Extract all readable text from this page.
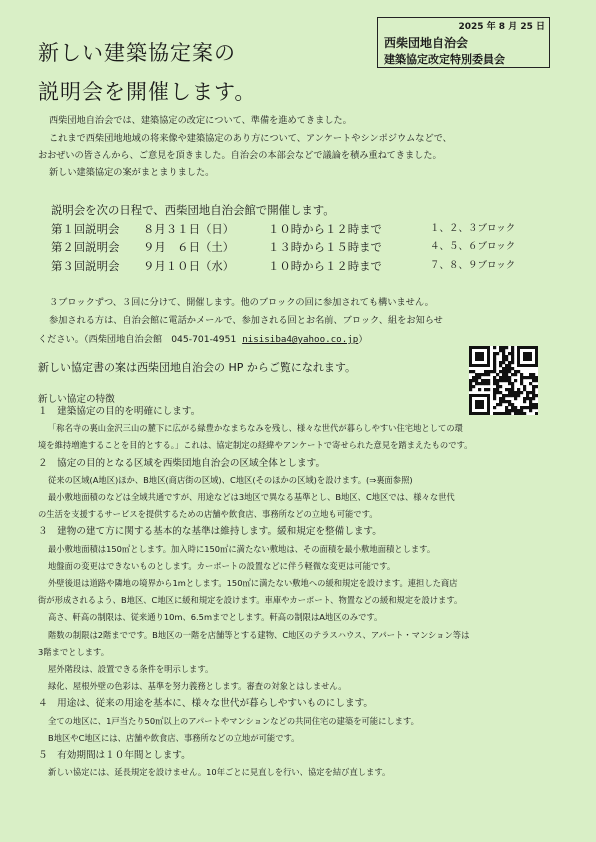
2025 年 8 月 25 日
西柴団地自治会
建築協定改定特別委員会
新しい建築協定案の
説明会を開催します。
西柴団地自治会では、建築協定の改定について、準備を進めてきました。
これまで西柴団地地域の将来像や建築協定のあり方について、アンケートやシンポジウムなどで、
おおぜいの皆さんから、ご意見を頂きました。自治会の本部会などで議論を積み重ねてきました。
新しい建築協定の案がまとまりました。
説明会を次の日程で、西柴団地自治会館で開催します。
第１回説明会 ８月３１日（日）	１０時から１２時まで	１、２、３ブロック
第２回説明会 ９月　６日（土）	１３時から１５時まで	４、５、６ブロック
第３回説明会 ９月１０日（水）	１０時から１２時まで	７、８、９ブロック
３ブロックずつ、３回に分けて、開催します。他のブロックの回に参加されても構いません。
参加される方は、自治会館に電話かメールで、参加される回とお名前、ブロック、組をお知らせ
ください。（西柴団地自治会館　045-701-4951 nisisiba4@yahoo.co.jp）
新しい協定書の案は西柴団地自治会の HP からご覧になれます。
新しい協定の特徴
１　建築協定の目的を明確にします。
「称名寺の裏山金沢三山の麓下に広がる緑豊かなまちなみを残し、様々な世代が暮らしやすい住宅地としての環
境を維持増進することを目的とする。」これは、協定制定の経緯やアンケートで寄せられた意見を踏まえたものです。
２　協定の目的となる区域を西柴団地自治会の区域全体とします。
従来の区域(A地区)ほか、B地区(商店街の区域)、C地区(そのほかの区域)を設けます。(⇒裏面参照)
最小敷地面積のなどは全域共通ですが、用途などは3地区で異なる基準とし、B地区、C地区では、様々な世代
の生活を支援するサービスを提供するための店舗や飲食店、事務所などの立地も可能です。
３　建物の建て方に関する基本的な基準は維持します。緩和規定を整備します。
最小敷地面積は150㎡とします。加入時に150㎡に満たない敷地は、その面積を最小敷地面積とします。
地盤面の変更はできないものとします。カーポートの設置などに伴う軽微な変更は可能です。
外壁後退は道路や隣地の境界から1mとします。150㎡に満たない敷地への緩和規定を設けます。連担した商店
街が形成されるよう、B地区、C地区に緩和規定を設けます。車庫やカーポート、物置などの緩和規定を設けます。
高さ、軒高の制限は、従来通り10m、6.5mまでとします。軒高の制限はA地区のみです。
階数の制限は2階までです。B地区の一階を店舗等とする建物、C地区のテラスハウス、アパート・マンション等は
3階までとします。
屋外階段は、設置できる条件を明示します。
緑化、屋根外壁の色彩は、基準を努力義務とします。審査の対象とはしません。
４　用途は、従来の用途を基本に、様々な世代が暮らしやすいものにします。
全ての地区に、1戸当たり50㎡以上のアパートやマンションなどの共同住宅の建築を可能にします。
B地区やC地区には、店舗や飲食店、事務所などの立地が可能です。
５　有効期間は１０年間とします。
新しい協定には、延長規定を設けません。10年ごとに見直しを行い、協定を結び直します。
